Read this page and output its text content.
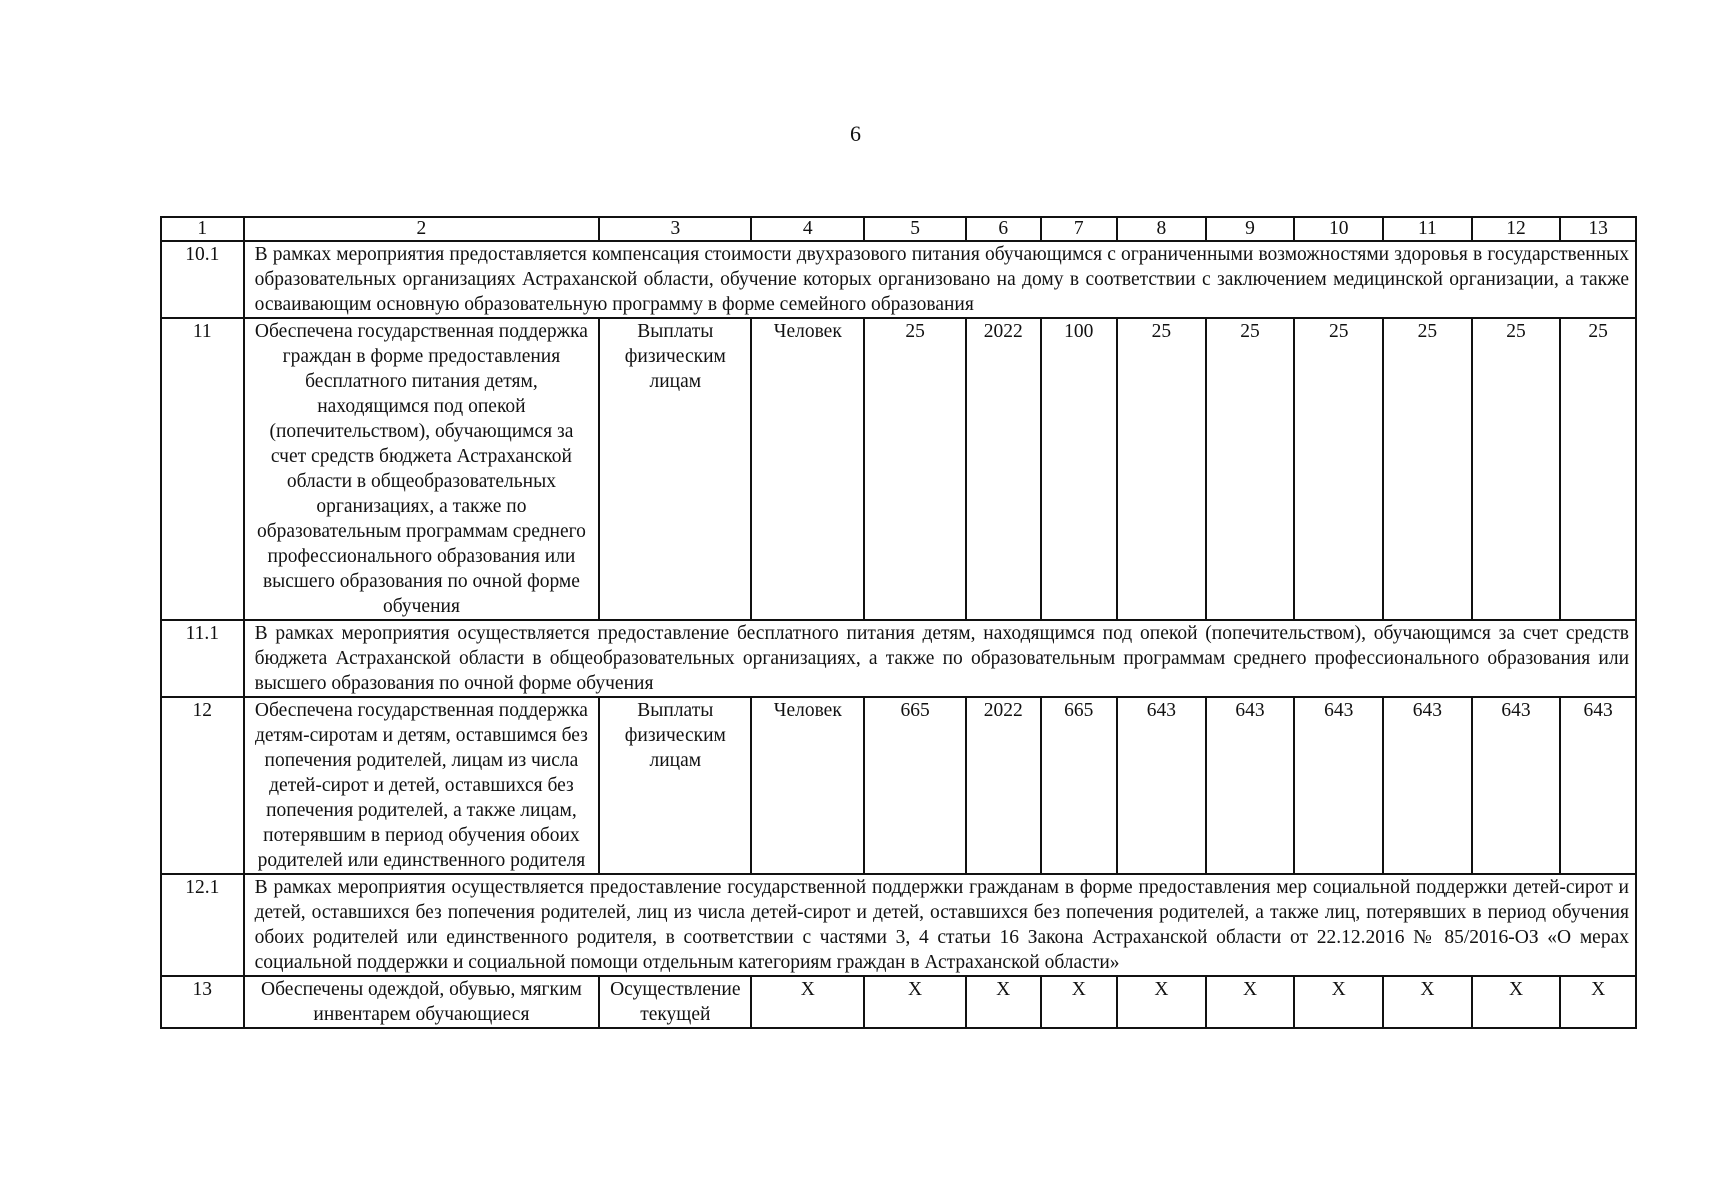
6
1	2	3	4	5	6	7	8	9	10	11	12	13
10.1	В рамках мероприятия предоставляется компенсация стоимости двухразового питания обучающимся с ограниченными возможностями здоровья в государственных образовательных организациях Астраханской области, обучение которых организовано на дому в соответствии с заключением медицинской организации, а также осваивающим основную образовательную программу в форме семейного образования											
11	Обеспечена государственная поддержка граждан в форме предоставления бесплатного питания детям, находящимся под опекой (попечительством), обучающимся за счет средств бюджета Астраханской области в общеобразовательных организациях, а также по образовательным программам среднего профессионального образования или высшего образования по очной форме обучения	Выплаты физическим лицам	Человек	25	2022	100	25	25	25	25	25	25
11.1	В рамках мероприятия осуществляется предоставление бесплатного питания детям, находящимся под опекой (попечительством), обучающимся за счет средств бюджета Астраханской области в общеобразовательных организациях, а также по образовательным программам среднего профессионального образования или высшего образования по очной форме обучения											
12	Обеспечена государственная поддержка детям-сиротам и детям, оставшимся без попечения родителей, лицам из числа детей-сирот и детей, оставшихся без попечения родителей, а также лицам, потерявшим в период обучения обоих родителей или единственного родителя	Выплаты физическим лицам	Человек	665	2022	665	643	643	643	643	643	643
12.1	В рамках мероприятия осуществляется предоставление государственной поддержки гражданам в форме предоставления мер социальной поддержки детей-сирот и детей, оставшихся без попечения родителей, лиц из числа детей-сирот и детей, оставшихся без попечения родителей, а также лиц, потерявших в период обучения обоих родителей или единственного родителя, в соответствии с частями 3, 4 статьи 16 Закона Астраханской области от 22.12.2016 № 85/2016-ОЗ «О мерах социальной поддержки и социальной помощи отдельным категориям граждан в Астраханской области»											
13	Обеспечены одеждой, обувью, мягким инвентарем обучающиеся	Осуществление текущей	Х	Х	Х	Х	Х	Х	Х	Х	Х	Х
